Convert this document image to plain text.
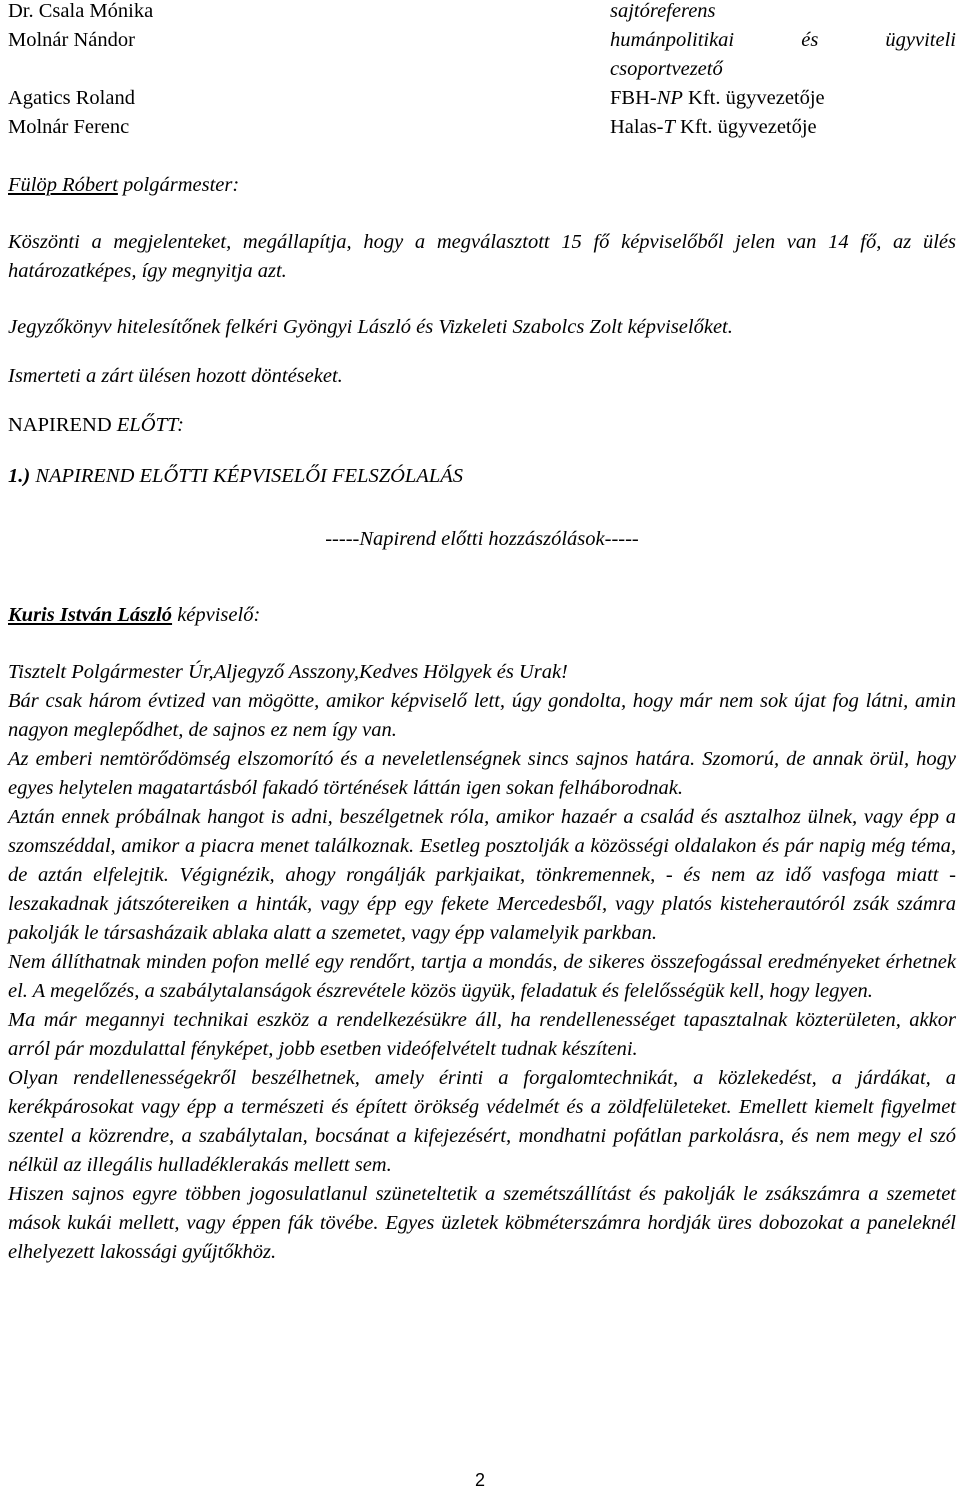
Dr. Csala Mónika	sajtóreferens
Molnár Nándor	humánpolitikai és ügyviteli
csoportvezető
Agatics Roland	FBH-NP Kft. ügyvezetője
Molnár Ferenc	Halas-T Kft. ügyvezetője

Fülöp Róbert polgármester:

Köszönti a megjelenteket, megállapítja, hogy a megválasztott 15 fő képviselőből jelen van 14 fő, az ülés határozatképes, így megnyitja azt.

Jegyzőkönyv hitelesítőnek felkéri Gyöngyi László és Vizkeleti Szabolcs Zolt képviselőket.

Ismerteti a zárt ülésen hozott döntéseket.

NAPIREND ELŐTT:

1.) NAPIREND ELŐTTI KÉPVISELŐI FELSZÓLALÁS

-----Napirend előtti hozzászólások-----

Kuris István László képviselő:

Tisztelt Polgármester Úr,Aljegyző Asszony,Kedves Hölgyek és Urak!

Bár csak három évtized van mögötte, amikor képviselő lett, úgy gondolta, hogy már nem sok újat fog látni, amin nagyon meglepődhet, de sajnos ez nem így van.

Az emberi nemtörődömség elszomorító és a neveletlenségnek sincs sajnos határa. Szomorú, de annak örül, hogy egyes helytelen magatartásból fakadó történések láttán igen sokan felháborodnak.

Aztán ennek próbálnak hangot is adni, beszélgetnek róla, amikor hazaér a család és asztalhoz ülnek, vagy épp a szomszéddal, amikor a piacra menet találkoznak. Esetleg posztolják a közösségi oldalakon és pár napig még téma, de aztán elfelejtik. Végignézik, ahogy rongálják parkjaikat, tönkremennek, - és nem az idő vasfoga miatt - leszakadnak játszótereiken a hinták, vagy épp egy fekete Mercedesből, vagy platós kisteherautóról zsák számra pakolják le társasházaik ablaka alatt a szemetet, vagy épp valamelyik parkban.

Nem állíthatnak minden pofon mellé egy rendőrt, tartja a mondás, de sikeres összefogással eredményeket érhetnek el. A megelőzés, a szabálytalanságok észrevétele közös ügyük, feladatuk és felelősségük kell, hogy legyen.

Ma már megannyi technikai eszköz a rendelkezésükre áll, ha rendellenességet tapasztalnak közterületen, akkor arról pár mozdulattal fényképet, jobb esetben videófelvételt tudnak készíteni.

Olyan rendellenességekről beszélhetnek, amely érinti a forgalomtechnikát, a közlekedést, a járdákat, a kerékpárosokat vagy épp a természeti és épített örökség védelmét és a zöldfelületeket. Emellett kiemelt figyelmet szentel a közrendre, a szabálytalan, bocsánat a kifejezésért, mondhatni pofátlan parkolásra, és nem megy el szó nélkül az illegális hulladéklerakás mellett sem.

Hiszen sajnos egyre többen jogosulatlanul szüneteltetik a szemétszállítást és pakolják le zsákszámra a szemetet mások kukái mellett, vagy éppen fák tövébe. Egyes üzletek köbméterszámra hordják üres dobozokat a paneleknél elhelyezett lakossági gyűjtőkhöz.

2
